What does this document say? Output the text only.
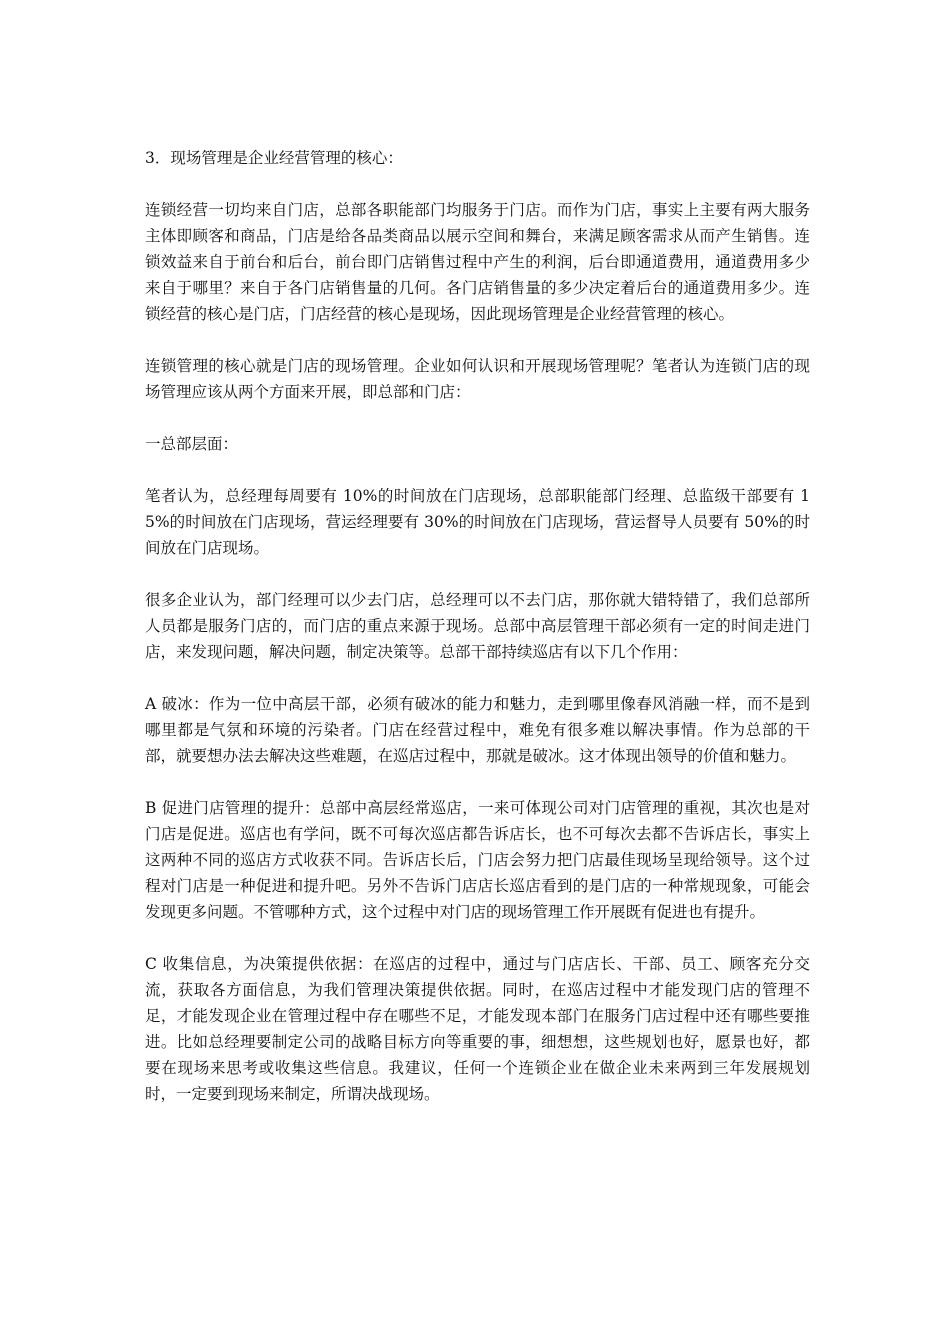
3．现场管理是企业经营管理的核心：

连锁经营一切均来自门店，总部各职能部门均服务于门店。而作为门店，事实上主要有两大服务主体即顾客和商品，门店是给各品类商品以展示空间和舞台，来满足顾客需求从而产生销售。连锁效益来自于前台和后台，前台即门店销售过程中产生的利润，后台即通道费用，通道费用多少来自于哪里？来自于各门店销售量的几何。各门店销售量的多少决定着后台的通道费用多少。连锁经营的核心是门店，门店经营的核心是现场，因此现场管理是企业经营管理的核心。

连锁管理的核心就是门店的现场管理。企业如何认识和开展现场管理呢？笔者认为连锁门店的现场管理应该从两个方面来开展，即总部和门店：

一总部层面：

笔者认为，总经理每周要有 10%的时间放在门店现场，总部职能部门经理、总监级干部要有 15%的时间放在门店现场，营运经理要有 30%的时间放在门店现场，营运督导人员要有 50%的时间放在门店现场。

很多企业认为，部门经理可以少去门店，总经理可以不去门店，那你就大错特错了，我们总部所人员都是服务门店的，而门店的重点来源于现场。总部中高层管理干部必须有一定的时间走进门店，来发现问题，解决问题，制定决策等。总部干部持续巡店有以下几个作用：

A 破冰：作为一位中高层干部，必须有破冰的能力和魅力，走到哪里像春风消融一样，而不是到哪里都是气氛和环境的污染者。门店在经营过程中，难免有很多难以解决事情。作为总部的干部，就要想办法去解决这些难题，在巡店过程中，那就是破冰。这才体现出领导的价值和魅力。

B 促进门店管理的提升：总部中高层经常巡店，一来可体现公司对门店管理的重视，其次也是对门店是促进。巡店也有学问，既不可每次巡店都告诉店长，也不可每次去都不告诉店长，事实上这两种不同的巡店方式收获不同。告诉店长后，门店会努力把门店最佳现场呈现给领导。这个过程对门店是一种促进和提升吧。另外不告诉门店店长巡店看到的是门店的一种常规现象，可能会发现更多问题。不管哪种方式，这个过程中对门店的现场管理工作开展既有促进也有提升。

C 收集信息，为决策提供依据：在巡店的过程中，通过与门店店长、干部、员工、顾客充分交流，获取各方面信息，为我们管理决策提供依据。同时，在巡店过程中才能发现门店的管理不足，才能发现企业在管理过程中存在哪些不足，才能发现本部门在服务门店过程中还有哪些要推进。比如总经理要制定公司的战略目标方向等重要的事，细想想，这些规划也好，愿景也好，都要在现场来思考或收集这些信息。我建议，任何一个连锁企业在做企业未来两到三年发展规划时，一定要到现场来制定，所谓决战现场。
